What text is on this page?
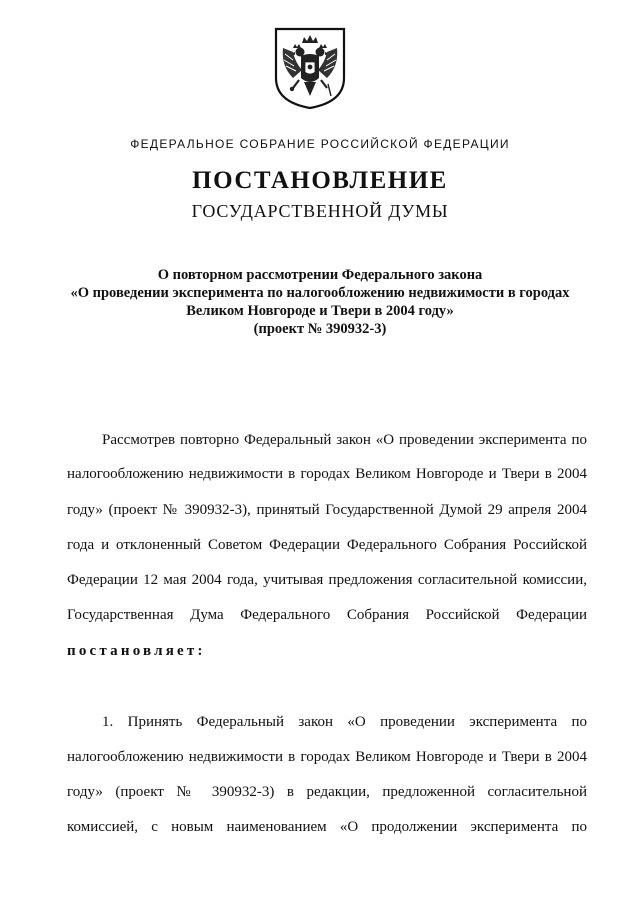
ФЕДЕРАЛЬНОЕ СОБРАНИЕ РОССИЙСКОЙ ФЕДЕРАЦИИ
ПОСТАНОВЛЕНИЕ
ГОСУДАРСТВЕННОЙ ДУМЫ
О повторном рассмотрении Федерального закона
«О проведении эксперимента по налогообложению недвижимости в городах
Великом Новгороде и Твери в 2004 году»
(проект № 390932-3)
Рассмотрев повторно Федеральный закон «О проведении эксперимента по
налогообложению недвижимости в городах Великом Новгороде и Твери в 2004
году» (проект № 390932-3), принятый Государственной Думой 29 апреля 2004
года и отклоненный Советом Федерации Федерального Собрания Российской
Федерации 12 мая 2004 года, учитывая предложения согласительной комиссии,
Государственная Дума Федерального Собрания Российской Федерации
постановляет:
1. Принять Федеральный закон «О проведении эксперимента по
налогообложению недвижимости в городах Великом Новгороде и Твери в 2004
году» (проект № 390932-3) в редакции, предложенной согласительной
комиссией, с новым наименованием «О продолжении эксперимента по
